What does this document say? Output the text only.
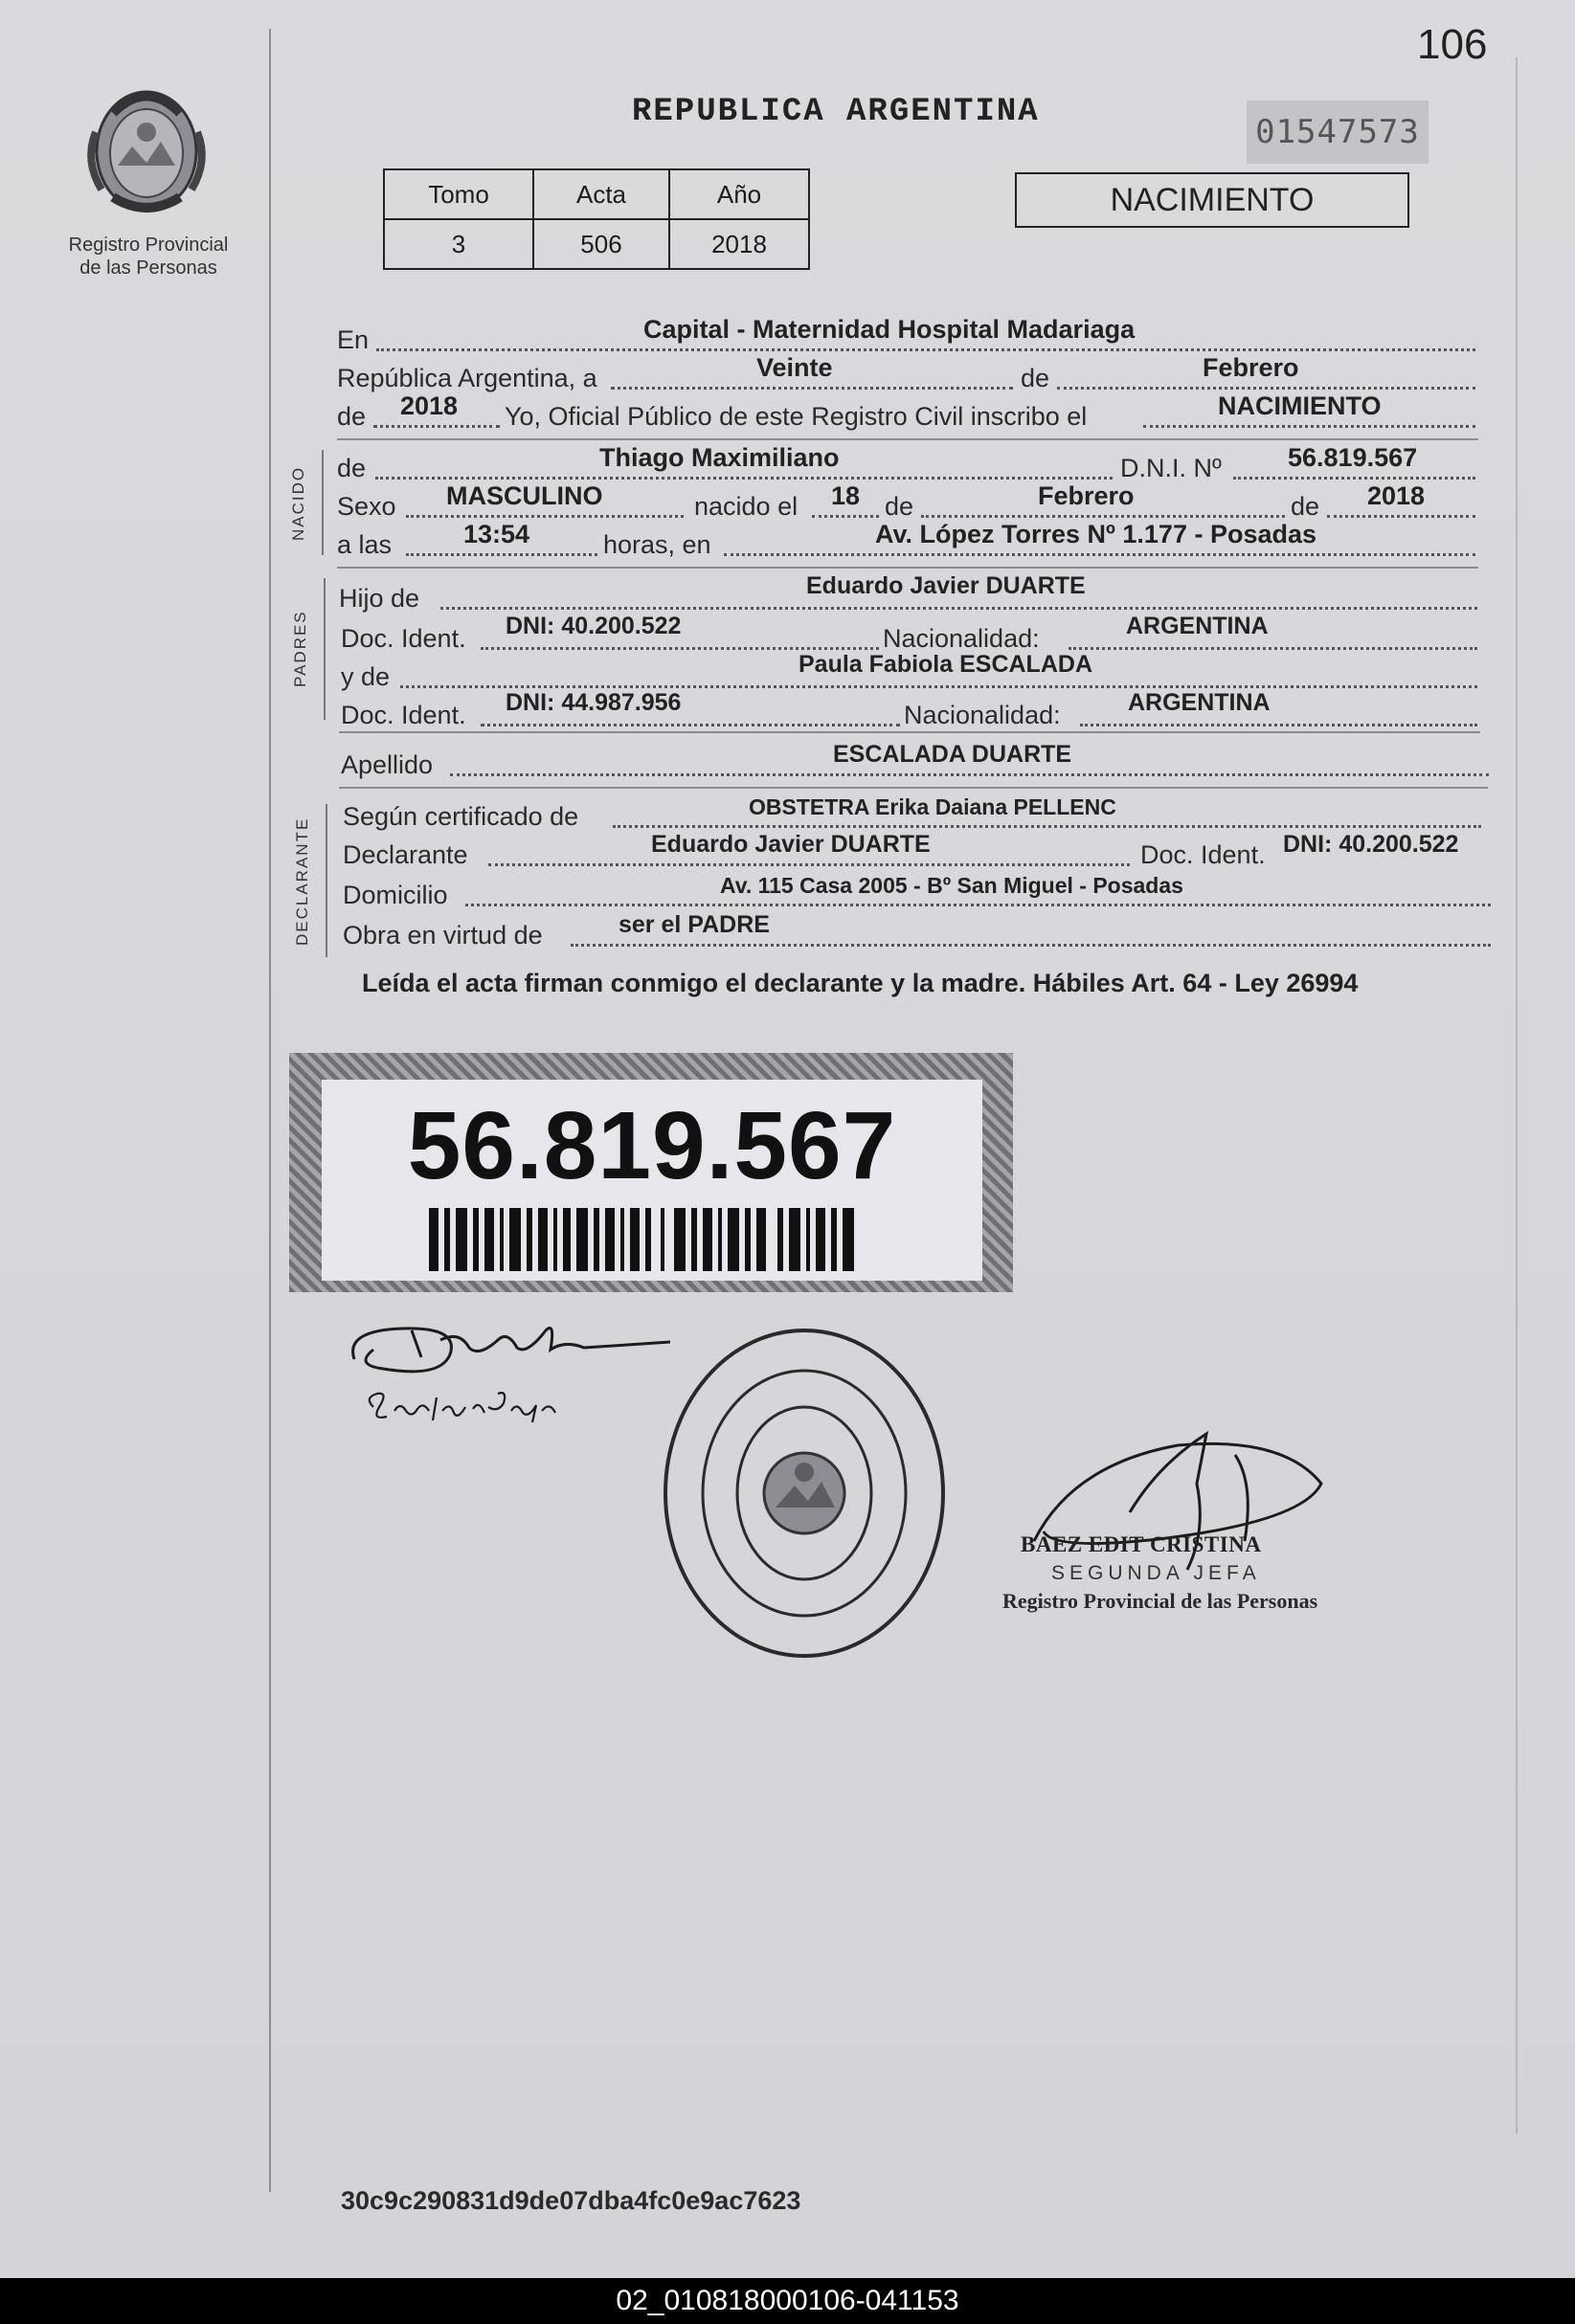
106
01547573
REPUBLICA ARGENTINA
Registro Provincial
de las Personas
Tomo	Acta	Año
3	506	2018
NACIMIENTO
En	Capital - Maternidad Hospital Madariaga
República Argentina, a	Veinte	de	Febrero
de 2018 Yo, Oficial Público de este Registro Civil inscribo el	NACIMIENTO
NACIDO de	Thiago Maximiliano	D.N.I. Nº	56.819.567
Sexo MASCULINO	nacido el 18 de	Febrero	de 2018
a las	13:54	horas, en	Av. López Torres Nº 1.177 - Posadas
PADRES
Hijo de	Eduardo Javier DUARTE
Doc. Ident. DNI: 40.200.522	Nacionalidad:	ARGENTINA
y de	Paula Fabiola ESCALADA
Doc. Ident. DNI: 44.987.956	Nacionalidad:	ARGENTINA
Apellido	ESCALADA DUARTE
DECLARANTE
Según certificado de	OBSTETRA Erika Daiana PELLENC
Declarante	Eduardo Javier DUARTE	Doc. Ident. DNI: 40.200.522
Domicilio	Av. 115 Casa 2005 - Bº San Miguel - Posadas
Obra en virtud de	ser el PADRE
Leída el acta firman conmigo el declarante y la madre. Hábiles Art. 64 - Ley 26994
56.819.567
BAEZ EDIT CRISTINA
SEGUNDA JEFA
Registro Provincial de las Personas
30c9c290831d9de07dba4fc0e9ac7623
02_010818000106-041153
